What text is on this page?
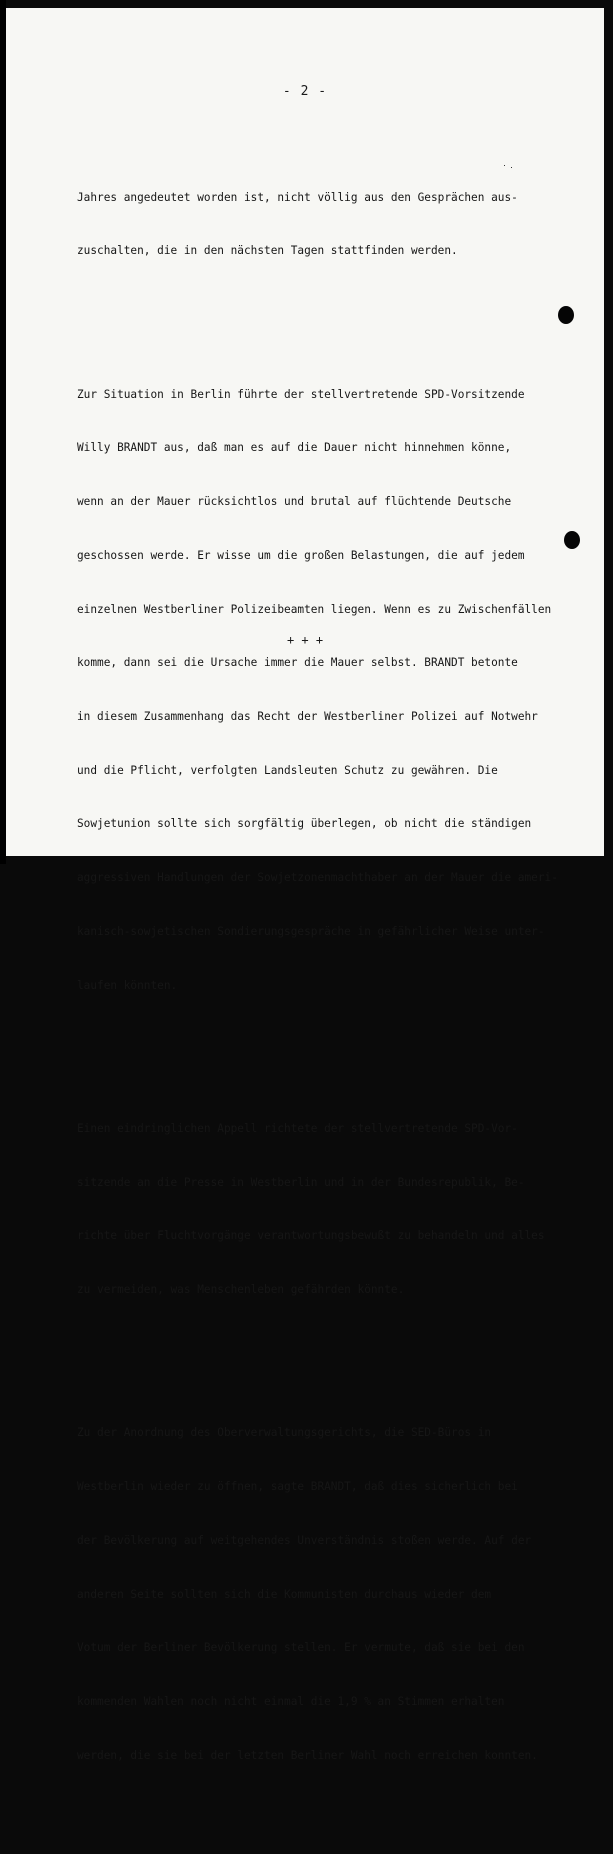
- 2 -

Jahres angedeutet worden ist, nicht völlig aus den Gesprächen aus-

zuschalten, die in den nächsten Tagen stattfinden werden.

Zur Situation in Berlin führte der stellvertretende SPD-Vorsitzende

Willy BRANDT aus, daß man es auf die Dauer nicht hinnehmen könne,

wenn an der Mauer rücksichtlos und brutal auf flüchtende Deutsche

geschossen werde. Er wisse um die großen Belastungen, die auf jedem

einzelnen Westberliner Polizeibeamten liegen. Wenn es zu Zwischenfällen

komme, dann sei die Ursache immer die Mauer selbst. BRANDT betonte

in diesem Zusammenhang das Recht der Westberliner Polizei auf Notwehr

und die Pflicht, verfolgten Landsleuten Schutz zu gewähren. Die

Sowjetunion sollte sich sorgfältig überlegen, ob nicht die ständigen

aggressiven Handlungen der Sowjetzonenmachthaber an der Mauer die ameri-

kanisch-sowjetischen Sondierungsgespräche in gefährlicher Weise unter-

laufen könnten.

Einen eindringlichen Appell richtete der stellvertretende SPD-Vor-

sitzende an die Presse in Westberlin und in der Bundesrepublik, Be-

richte über Fluchtvorgänge verantwortungsbewußt zu behandeln und alles

zu vermeiden, was Menschenleben gefährden könnte.

Zu der Anordnung des Oberverwaltungsgerichts, die SED-Büros in

Westberlin wieder zu öffnen, sagte BRANDT, daß dies sicherlich bei

der Bevölkerung auf weitgehendes Unverständnis stoßen werde. Auf der

anderen Seite sollten sich die Kommunisten durchaus wieder dem

Votum der Berliner Bevölkerung stellen. Er vermute, daß sie bei den

kommenden Wahlen noch nicht einmal die 1,9 % an Stimmen erhalten

werden, die sie bei der letzten Berliner Wahl noch erreichen konnten.

+ + +
